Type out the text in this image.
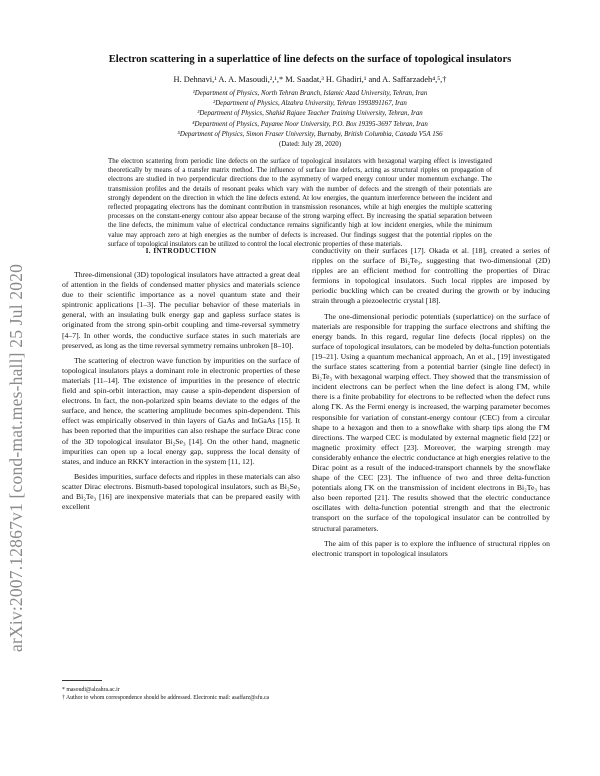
arXiv:2007.12867v1 [cond-mat.mes-hall] 25 Jul 2020
Electron scattering in a superlattice of line defects on the surface of topological insulators
H. Dehnavi,¹ A. A. Masoudi,²,¹,* M. Saadat,³ H. Ghadiri,¹ and A. Saffarzadeh⁴,⁵,†
¹Department of Physics, North Tehran Branch, Islamic Azad University, Tehran, Iran
²Department of Physics, Alzahra University, Tehran 1993891167, Iran
³Department of Physics, Shahid Rajaee Teacher Training University, Tehran, Iran
⁴Department of Physics, Payame Noor University, P.O. Box 19395-3697 Tehran, Iran
⁵Department of Physics, Simon Fraser University, Burnaby, British Columbia, Canada V5A 1S6
(Dated: July 28, 2020)
The electron scattering from periodic line defects on the surface of topological insulators with hexagonal warping effect is investigated theoretically by means of a transfer matrix method. The influence of surface line defects, acting as structural ripples on propagation of electrons are studied in two perpendicular directions due to the asymmetry of warped energy contour under momentum exchange. The transmission profiles and the details of resonant peaks which vary with the number of defects and the strength of their potentials are strongly dependent on the direction in which the line defects extend. At low energies, the quantum interference between the incident and reflected propagating electrons has the dominant contribution in transmission resonances, while at high energies the multiple scattering processes on the constant-energy contour also appear because of the strong warping effect. By increasing the spatial separation between the line defects, the minimum value of electrical conductance remains significantly high at low incident energies, while the minimum value may approach zero at high energies as the number of defects is increased. Our findings suggest that the potential ripples on the surface of topological insulators can be utilized to control the local electronic properties of these materials.
I. INTRODUCTION

Three-dimensional (3D) topological insulators have attracted a great deal of attention in the fields of condensed matter physics and materials science due to their scientific importance as a novel quantum state and their spintronic applications [1–3]. The peculiar behavior of these materials in general, with an insulating bulk energy gap and gapless surface states is originated from the strong spin-orbit coupling and time-reversal symmetry [4–7]. In other words, the conductive surface states in such materials are preserved, as long as the time reversal symmetry remains unbroken [8–10].

The scattering of electron wave function by impurities on the surface of topological insulators plays a dominant role in electronic properties of these materials [11–14]. The existence of impurities in the presence of electric field and spin-orbit interaction, may cause a spin-dependent dispersion of electrons. In fact, the non-polarized spin beams deviate to the edges of the surface, and hence, the scattering amplitude becomes spin-dependent. This effect was empirically observed in thin layers of GaAs and InGaAs [15]. It has been reported that the impurities can also reshape the surface Dirac cone of the 3D topological insulator Bi₂Se₃ [14]. On the other hand, magnetic impurities can open up a local energy gap, suppress the local density of states, and induce an RKKY interaction in the system [11, 12].

Besides impurities, surface defects and ripples in these materials can also scatter Dirac electrons. Bismuth-based topological insulators, such as Bi₂Se₃ and Bi₂Te₃ [16] are inexpensive materials that can be prepared easily with excellent

conductivity on their surfaces [17]. Okada et al. [18], created a series of ripples on the surface of Bi₂Te₃, suggesting that two-dimensional (2D) ripples are an efficient method for controlling the properties of Dirac fermions in topological insulators. Such local ripples are imposed by periodic buckling which can be created during the growth or by inducing strain through a piezoelectric crystal [18].

The one-dimensional periodic potentials (superlattice) on the surface of materials are responsible for trapping the surface electrons and shifting the energy bands. In this regard, regular line defects (local ripples) on the surface of topological insulators, can be modeled by delta-function potentials [19–21]. Using a quantum mechanical approach, An et al., [19] investigated the surface states scattering from a potential barrier (single line defect) in Bi₂Te₃ with hexagonal warping effect. They showed that the transmission of incident electrons can be perfect when the line defect is along ΓM, while there is a finite probability for electrons to be reflected when the defect runs along ΓK. As the Fermi energy is increased, the warping parameter becomes responsible for variation of constant-energy contour (CEC) from a circular shape to a hexagon and then to a snowflake with sharp tips along the ΓM directions. The warped CEC is modulated by external magnetic field [22] or magnetic proximity effect [23]. Moreover, the warping strength may considerably enhance the electric conductance at high energies relative to the Dirac point as a result of the induced-transport channels by the snowflake shape of the CEC [23]. The influence of two and three delta-function potentials along ΓK on the transmission of incident electrons in Bi₂Te₃ has also been reported [21]. The results showed that the electric conductance oscillates with delta-function potential strength and that the electronic transport on the surface of the topological insulator can be controlled by structural parameters.

The aim of this paper is to explore the influence of structural ripples on electronic transport in topological insulators

* masoudi@alzahra.ac.ir
† Author to whom correspondence should be addressed. Electronic mail: asaffarz@sfu.ca
